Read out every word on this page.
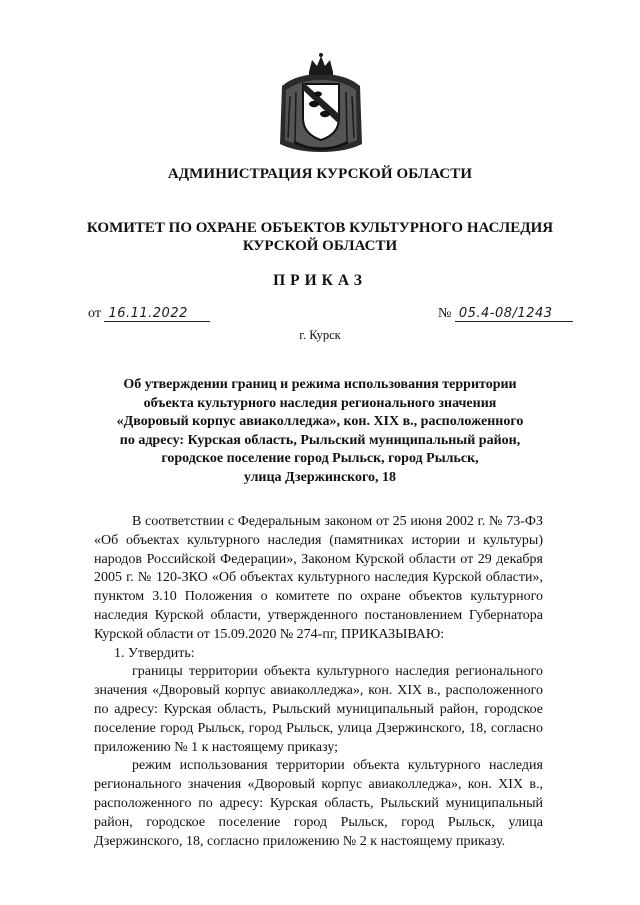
АДМИНИСТРАЦИЯ КУРСКОЙ ОБЛАСТИ
КОМИТЕТ ПО ОХРАНЕ ОБЪЕКТОВ КУЛЬТУРНОГО НАСЛЕДИЯ
КУРСКОЙ ОБЛАСТИ
ПРИКАЗ
от 16.11.2022	№ 05.4-08/1243
г. Курск
Об утверждении границ и режима использования территории
объекта культурного наследия регионального значения
«Дворовый корпус авиаколледжа», кон. XIX в., расположенного
по адресу: Курская область, Рыльский муниципальный район,
городское поселение город Рыльск, город Рыльск,
улица Дзержинского, 18

В соответствии с Федеральным законом от 25 июня 2002 г. № 73-ФЗ «Об объектах культурного наследия (памятниках истории и культуры) народов Российской Федерации», Законом Курской области от 29 декабря 2005 г. № 120-ЗКО «Об объектах культурного наследия Курской области», пунктом 3.10 Положения о комитете по охране объектов культурного наследия Курской области, утвержденного постановлением Губернатора Курской области от 15.09.2020 № 274-пг, ПРИКАЗЫВАЮ:

1. Утвердить:

границы территории объекта культурного наследия регионального значения «Дворовый корпус авиаколледжа», кон. XIX в., расположенного по адресу: Курская область, Рыльский муниципальный район, городское поселение город Рыльск, город Рыльск, улица Дзержинского, 18, согласно приложению № 1 к настоящему приказу;

режим использования территории объекта культурного наследия регионального значения «Дворовый корпус авиаколледжа», кон. XIX в., расположенного по адресу: Курская область, Рыльский муниципальный район, городское поселение город Рыльск, город Рыльск, улица Дзержинского, 18, согласно приложению № 2 к настоящему приказу.
